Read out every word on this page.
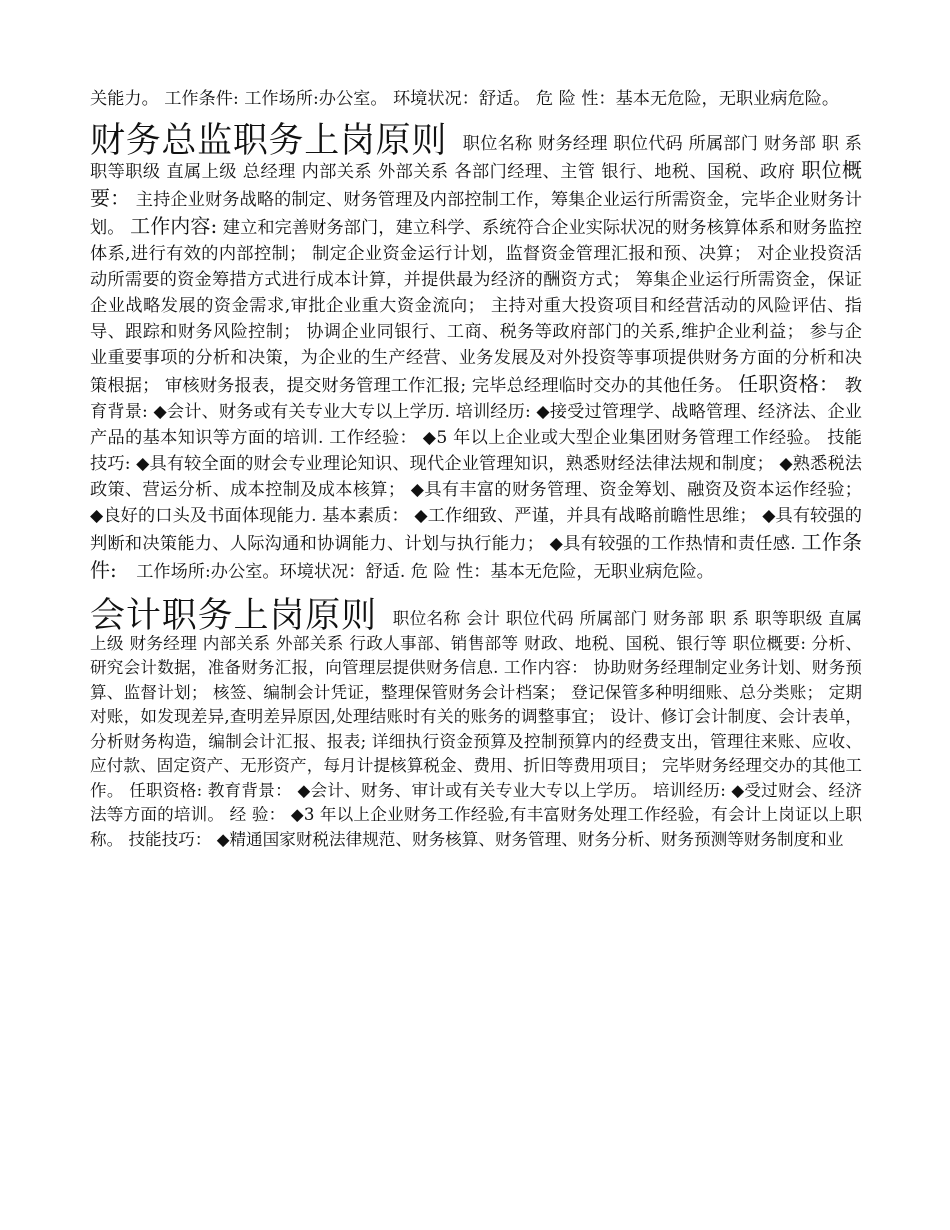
关能力。 工作条件: 工作场所:办公室。 环境状况：舒适。 危 险 性：基本无危险，无职业病危险。

财务总监职务上岗原则 职位名称 财务经理 职位代码 所属部门 财务部 职 系 职等职级 直属上级 总经理 内部关系 外部关系 各部门经理、主管 银行、地税、国税、政府 职位概要： 主持企业财务战略的制定、财务管理及内部控制工作，筹集企业运行所需资金，完毕企业财务计划。 工作内容: 建立和完善财务部门，建立科学、系统符合企业实际状况的财务核算体系和财务监控体系,进行有效的内部控制； 制定企业资金运行计划，监督资金管理汇报和预、决算； 对企业投资活动所需要的资金筹措方式进行成本计算，并提供最为经济的酬资方式； 筹集企业运行所需资金，保证企业战略发展的资金需求,审批企业重大资金流向； 主持对重大投资项目和经营活动的风险评估、指导、跟踪和财务风险控制； 协调企业同银行、工商、税务等政府部门的关系,维护企业利益； 参与企业重要事项的分析和决策，为企业的生产经营、业务发展及对外投资等事项提供财务方面的分析和决策根据； 审核财务报表，提交财务管理工作汇报; 完毕总经理临时交办的其他任务。 任职资格： 教育背景: ◆会计、财务或有关专业大专以上学历. 培训经历: ◆接受过管理学、战略管理、经济法、企业产品的基本知识等方面的培训. 工作经验： ◆5 年以上企业或大型企业集团财务管理工作经验。 技能技巧: ◆具有较全面的财会专业理论知识、现代企业管理知识，熟悉财经法律法规和制度； ◆熟悉税法政策、营运分析、成本控制及成本核算； ◆具有丰富的财务管理、资金筹划、融资及资本运作经验； ◆良好的口头及书面体现能力. 基本素质： ◆工作细致、严谨，并具有战略前瞻性思维； ◆具有较强的判断和决策能力、人际沟通和协调能力、计划与执行能力； ◆具有较强的工作热情和责任感. 工作条件: 工作场所:办公室。环境状况：舒适. 危 险 性：基本无危险，无职业病危险。

会计职务上岗原则 职位名称 会计 职位代码 所属部门 财务部 职 系 职等职级 直属上级 财务经理 内部关系 外部关系 行政人事部、销售部等 财政、地税、国税、银行等 职位概要: 分析、研究会计数据，准备财务汇报，向管理层提供财务信息. 工作内容： 协助财务经理制定业务计划、财务预算、监督计划； 核签、编制会计凭证，整理保管财务会计档案； 登记保管多种明细账、总分类账； 定期对账，如发现差异,查明差异原因,处理结账时有关的账务的调整事宜； 设计、修订会计制度、会计表单，分析财务构造，编制会计汇报、报表; 详细执行资金预算及控制预算内的经费支出，管理往来账、应收、应付款、固定资产、无形资产，每月计提核算税金、费用、折旧等费用项目； 完毕财务经理交办的其他工作。 任职资格: 教育背景： ◆会计、财务、审计或有关专业大专以上学历。 培训经历: ◆受过财会、经济法等方面的培训。 经 验： ◆3 年以上企业财务工作经验,有丰富财务处理工作经验，有会计上岗证以上职称。 技能技巧： ◆精通国家财税法律规范、财务核算、财务管理、财务分析、财务预测等财务制度和业
